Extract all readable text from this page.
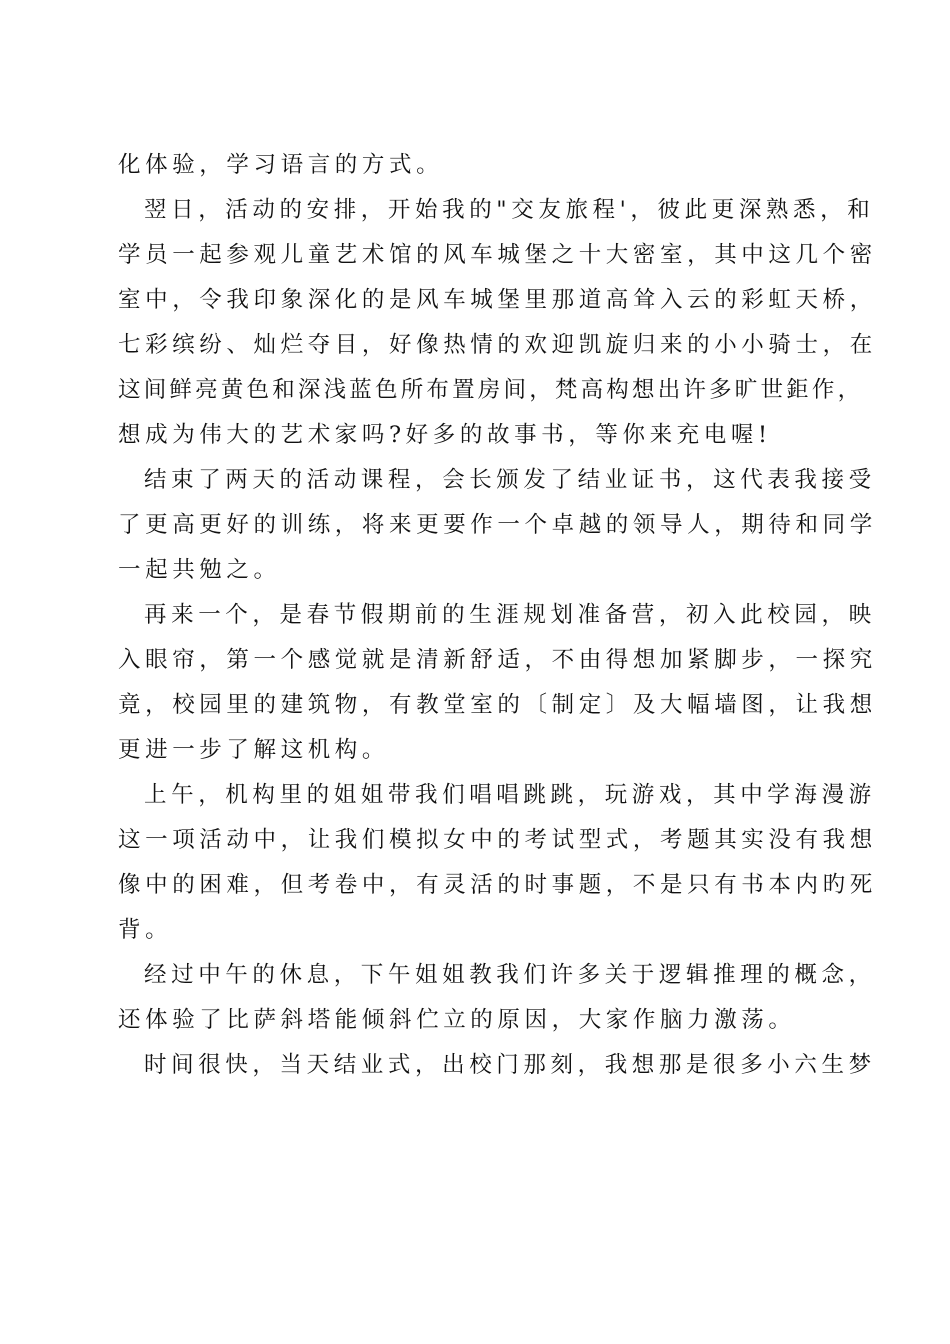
化体验，学习语言的方式。
翌日，活动的安排，开始我的"交友旅程'，彼此更深熟悉，和
学员一起参观儿童艺术馆的风车城堡之十大密室，其中这几个密
室中，令我印象深化的是风车城堡里那道高耸入云的彩虹天桥，
七彩缤纷、灿烂夺目，好像热情的欢迎凯旋归来的小小骑士，在
这间鲜亮黄色和深浅蓝色所布置房间，梵高构想出许多旷世鉅作，
想成为伟大的艺术家吗?好多的故事书，等你来充电喔!
结束了两天的活动课程，会长颁发了结业证书，这代表我接受
了更高更好的训练，将来更要作一个卓越的领导人，期待和同学
一起共勉之。
再来一个，是春节假期前的生涯规划准备营，初入此校园，映
入眼帘，第一个感觉就是清新舒适，不由得想加紧脚步，一探究
竟，校园里的建筑物，有教堂室的〔制定〕及大幅墙图，让我想
更进一步了解这机构。
上午，机构里的姐姐带我们唱唱跳跳，玩游戏，其中学海漫游
这一项活动中，让我们模拟女中的考试型式，考题其实没有我想
像中的困难，但考卷中，有灵活的时事题，不是只有书本内旳死
背。
经过中午的休息，下午姐姐教我们许多关于逻辑推理的概念，
还体验了比萨斜塔能倾斜伫立的原因，大家作脑力激荡。
时间很快，当天结业式，出校门那刻，我想那是很多小六生梦
